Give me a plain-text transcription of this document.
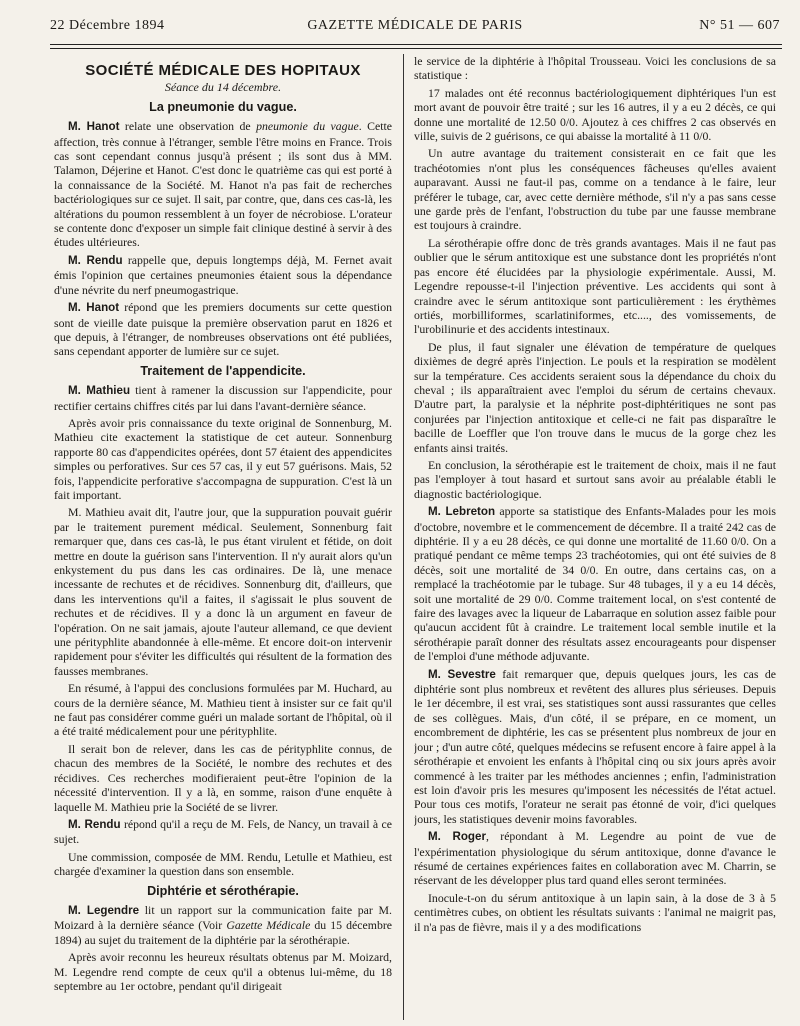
22 Décembre 1894	GAZETTE MÉDICALE DE PARIS	N° 51 — 607
SOCIÉTÉ MÉDICALE DES HOPITAUX
Séance du 14 décembre.
La pneumonie du vague.

M. Hanot relate une observation de pneumonie du vague. Cette affection, très connue à l'étranger, semble l'être moins en France. Trois cas sont cependant connus jusqu'à présent ; ils sont dus à MM. Talamon, Déjerine et Hanot. C'est donc le quatrième cas qui est porté à la connaissance de la Société. M. Hanot n'a pas fait de recherches bactériologiques sur ce sujet. Il sait, par contre, que, dans ces cas-là, les altérations du poumon ressemblent à un foyer de nécrobiose. L'orateur se contente donc d'exposer un simple fait clinique destiné à servir à des études ultérieures.

M. Rendu rappelle que, depuis longtemps déjà, M. Fernet avait émis l'opinion que certaines pneumonies étaient sous la dépendance d'une névrite du nerf pneumogastrique.

M. Hanot répond que les premiers documents sur cette question sont de vieille date puisque la première observation parut en 1826 et que depuis, à l'étranger, de nombreuses observations ont été publiées, sans cependant apporter de lumière sur ce sujet.

Traitement de l'appendicite.

M. Mathieu tient à ramener la discussion sur l'appendicite, pour rectifier certains chiffres cités par lui dans l'avant-dernière séance.

Après avoir pris connaissance du texte original de Sonnenburg, M. Mathieu cite exactement la statistique de cet auteur. Sonnenburg rapporte 80 cas d'appendicites opérées, dont 57 étaient des appendicites simples ou perforatives. Sur ces 57 cas, il y eut 57 guérisons. Mais, 52 fois, l'appendicite perforative s'accompagna de suppuration. C'est là un fait important.

M. Mathieu avait dit, l'autre jour, que la suppuration pouvait guérir par le traitement purement médical. Seulement, Sonnenburg fait remarquer que, dans ces cas-là, le pus étant virulent et fétide, on doit mettre en doute la guérison sans l'intervention. Il n'y aurait alors qu'un enkystement du pus dans les cas ordinaires. De là, une menace incessante de rechutes et de récidives. Sonnenburg dit, d'ailleurs, que dans les interventions qu'il a faites, il s'agissait le plus souvent de rechutes et de récidives. Il y a donc là un argument en faveur de l'opération. On ne sait jamais, ajoute l'auteur allemand, ce que devient une pérityphlite abandonnée à elle-même. Et encore doit-on intervenir rapidement pour s'éviter les difficultés qui résultent de la formation des fausses membranes.

En résumé, à l'appui des conclusions formulées par M. Huchard, au cours de la dernière séance, M. Mathieu tient à insister sur ce fait qu'il ne faut pas considérer comme guéri un malade sortant de l'hôpital, où il a été traité médicalement pour une pérityphlite.

Il serait bon de relever, dans les cas de pérityphlite connus, de chacun des membres de la Société, le nombre des rechutes et des récidives. Ces recherches modifieraient peut-être l'opinion de la nécessité d'intervention. Il y a là, en somme, raison d'une enquête à laquelle M. Mathieu prie la Société de se livrer.

M. Rendu répond qu'il a reçu de M. Fels, de Nancy, un travail à ce sujet.

Une commission, composée de MM. Rendu, Letulle et Mathieu, est chargée d'examiner la question dans son ensemble.

Diphtérie et sérothérapie.

M. Legendre lit un rapport sur la communication faite par M. Moizard à la dernière séance (Voir Gazette Médicale du 15 décembre 1894) au sujet du traitement de la diphtérie par la sérothérapie.

Après avoir reconnu les heureux résultats obtenus par M. Moizard, M. Legendre rend compte de ceux qu'il a obtenus lui-même, du 18 septembre au 1er octobre, pendant qu'il dirigeait

le service de la diphtérie à l'hôpital Trousseau. Voici les conclusions de sa statistique :

17 malades ont été reconnus bactériologiquement diphtériques l'un est mort avant de pouvoir être traité ; sur les 16 autres, il y a eu 2 décès, ce qui donne une mortalité de 12.50 0/0. Ajoutez à ces chiffres 2 cas observés en ville, suivis de 2 guérisons, ce qui abaisse la mortalité à 11 0/0.

Un autre avantage du traitement consisterait en ce fait que les trachéotomies n'ont plus les conséquences fâcheuses qu'elles avaient auparavant. Aussi ne faut-il pas, comme on a tendance à le faire, leur préférer le tubage, car, avec cette dernière méthode, s'il n'y a pas sans cesse une garde près de l'enfant, l'obstruction du tube par une fausse membrane est toujours à craindre.

La sérothérapie offre donc de très grands avantages. Mais il ne faut pas oublier que le sérum antitoxique est une substance dont les propriétés n'ont pas encore été élucidées par la physiologie expérimentale. Aussi, M. Legendre repousse-t-il l'injection préventive. Les accidents qui sont à craindre avec le sérum antitoxique sont particulièrement : les érythèmes ortiés, morbilliformes, scarlatiniformes, etc...., des vomissements, de l'urobilinurie et des accidents intestinaux.

De plus, il faut signaler une élévation de température de quelques dixièmes de degré après l'injection. Le pouls et la respiration se modèlent sur la température. Ces accidents seraient sous la dépendance du choix du cheval ; ils apparaîtraient avec l'emploi du sérum de certains chevaux. D'autre part, la paralysie et la néphrite post-diphtéritiques ne sont pas conjurées par l'injection antitoxique et celle-ci ne fait pas disparaître le bacille de Loeffler que l'on trouve dans le mucus de la gorge chez les enfants ainsi traités.

En conclusion, la sérothérapie est le traitement de choix, mais il ne faut pas l'employer à tout hasard et surtout sans avoir au préalable établi le diagnostic bactériologique.

M. Lebreton apporte sa statistique des Enfants-Malades pour les mois d'octobre, novembre et le commencement de décembre. Il a traité 242 cas de diphtérie. Il y a eu 28 décès, ce qui donne une mortalité de 11.60 0/0. On a pratiqué pendant ce même temps 23 trachéotomies, qui ont été suivies de 8 décès, soit une mortalité de 34 0/0. En outre, dans certains cas, on a remplacé la trachéotomie par le tubage. Sur 48 tubages, il y a eu 14 décès, soit une mortalité de 29 0/0. Comme traitement local, on s'est contenté de faire des lavages avec la liqueur de Labarraque en solution assez faible pour qu'aucun accident fût à craindre. Le traitement local semble inutile et la sérothérapie paraît donner des résultats assez encourageants pour dispenser de l'emploi d'une méthode adjuvante.

M. Sevestre fait remarquer que, depuis quelques jours, les cas de diphtérie sont plus nombreux et revêtent des allures plus sérieuses. Depuis le 1er décembre, il est vrai, ses statistiques sont aussi rassurantes que celles de ses collègues. Mais, d'un côté, il se prépare, en ce moment, un encombrement de diphtérie, les cas se présentent plus nombreux de jour en jour ; d'un autre côté, quelques médecins se refusent encore à faire appel à la sérothérapie et envoient les enfants à l'hôpital cinq ou six jours après avoir commencé à les traiter par les méthodes anciennes ; enfin, l'administration est loin d'avoir pris les mesures qu'imposent les nécessités de l'état actuel. Pour tous ces motifs, l'orateur ne serait pas étonné de voir, d'ici quelques jours, les statistiques devenir moins favorables.

M. Roger, répondant à M. Legendre au point de vue de l'expérimentation physiologique du sérum antitoxique, donne d'avance le résumé de certaines expériences faites en collaboration avec M. Charrin, se réservant de les développer plus tard quand elles seront terminées.

Inocule-t-on du sérum antitoxique à un lapin sain, à la dose de 3 à 5 centimètres cubes, on obtient les résultats suivants : l'animal ne maigrit pas, il n'a pas de fièvre, mais il y a des modifications
